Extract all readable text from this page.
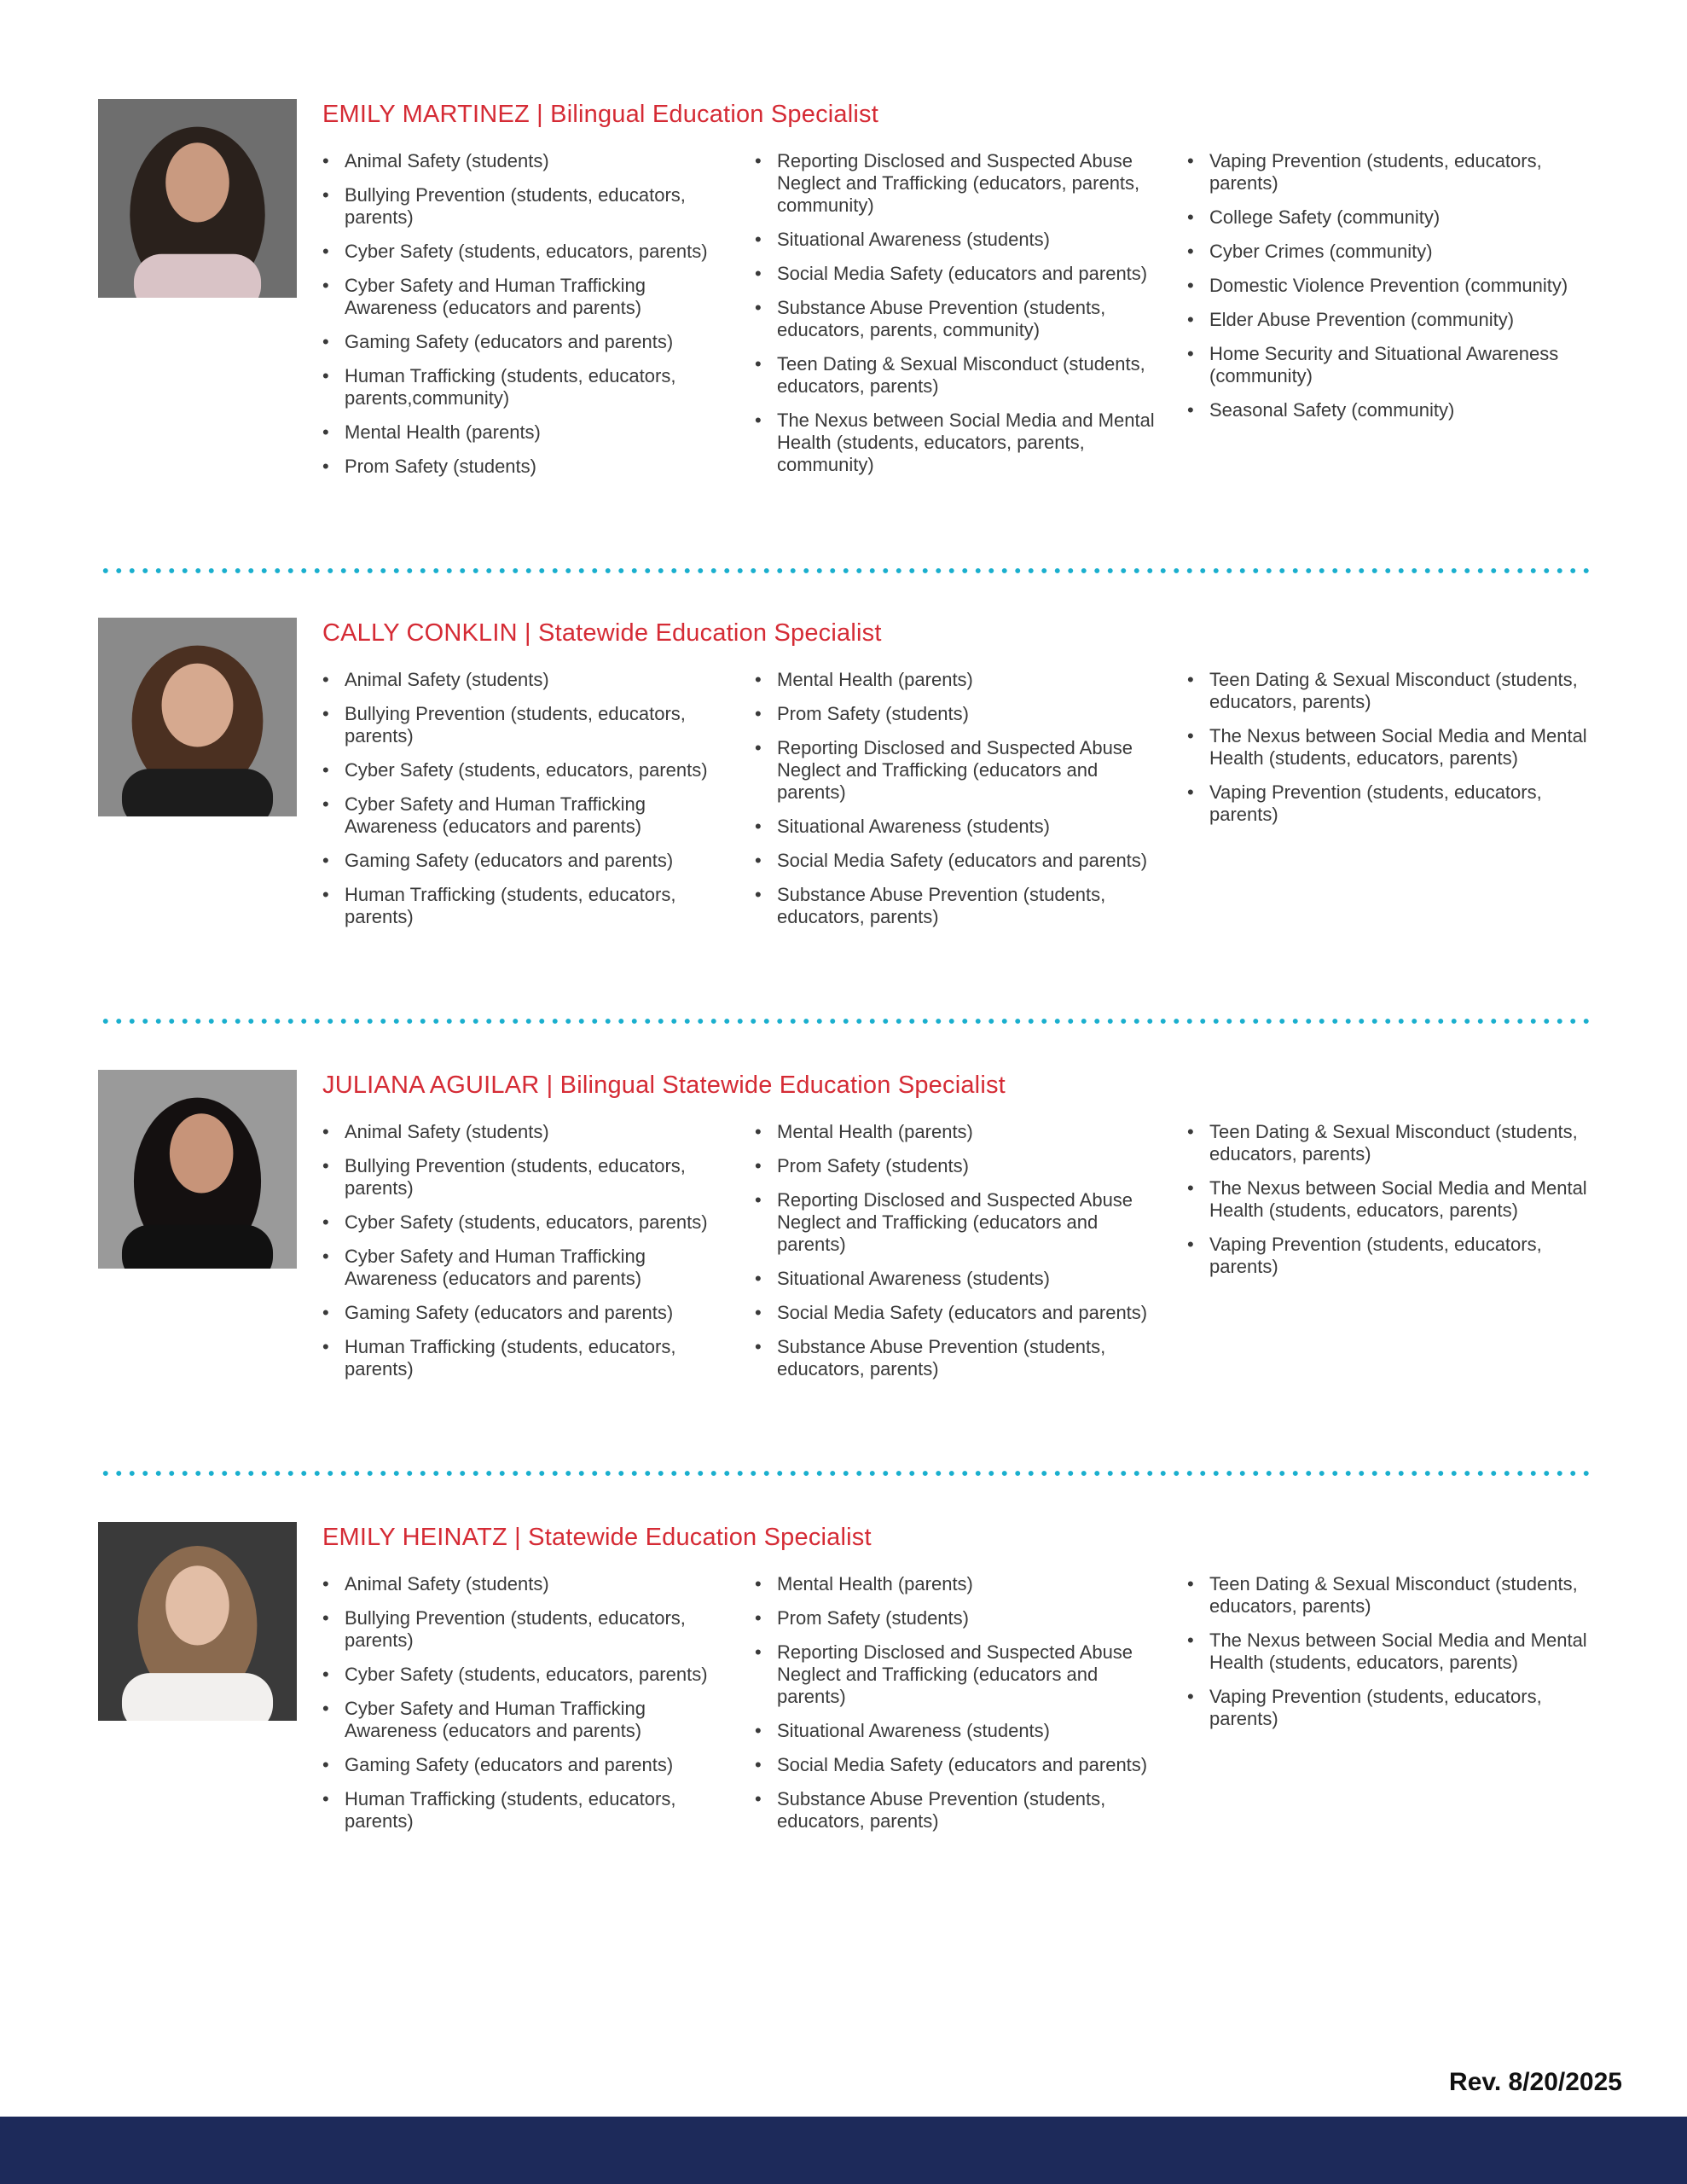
EMILY MARTINEZ | Bilingual Education Specialist
• Animal Safety (students)
• Bullying Prevention (students, educators, parents)
• Cyber Safety (students, educators, parents)
• Cyber Safety and Human Trafficking Awareness (educators and parents)
• Gaming Safety (educators and parents)
• Human Trafficking (students, educators, parents,community)
• Mental Health (parents)
• Prom Safety (students)
• Reporting Disclosed and Suspected Abuse Neglect and Trafficking (educators, parents, community)
• Situational Awareness (students)
• Social Media Safety (educators and parents)
• Substance Abuse Prevention (students, educators, parents, community)
• Teen Dating & Sexual Misconduct (students, educators, parents)
• The Nexus between Social Media and Mental Health (students, educators, parents, community)
• Vaping Prevention (students, educators, parents)
• College Safety (community)
• Cyber Crimes (community)
• Domestic Violence Prevention (community)
• Elder Abuse Prevention (community)
• Home Security and Situational Awareness (community)
• Seasonal Safety (community)
CALLY CONKLIN | Statewide Education Specialist
• Animal Safety (students)
• Bullying Prevention (students, educators, parents)
• Cyber Safety (students, educators, parents)
• Cyber Safety and Human Trafficking Awareness (educators and parents)
• Gaming Safety (educators and parents)
• Human Trafficking (students, educators, parents)
• Mental Health (parents)
• Prom Safety (students)
• Reporting Disclosed and Suspected Abuse Neglect and Trafficking (educators and parents)
• Situational Awareness (students)
• Social Media Safety (educators and parents)
• Substance Abuse Prevention (students, educators, parents)
• Teen Dating & Sexual Misconduct (students, educators, parents)
• The Nexus between Social Media and Mental Health (students, educators, parents)
• Vaping Prevention (students, educators, parents)
JULIANA AGUILAR | Bilingual Statewide Education Specialist
• Animal Safety (students)
• Bullying Prevention (students, educators, parents)
• Cyber Safety (students, educators, parents)
• Cyber Safety and Human Trafficking Awareness (educators and parents)
• Gaming Safety (educators and parents)
• Human Trafficking (students, educators, parents)
• Mental Health (parents)
• Prom Safety (students)
• Reporting Disclosed and Suspected Abuse Neglect and Trafficking (educators and parents)
• Situational Awareness (students)
• Social Media Safety (educators and parents)
• Substance Abuse Prevention (students, educators, parents)
• Teen Dating & Sexual Misconduct (students, educators, parents)
• The Nexus between Social Media and Mental Health (students, educators, parents)
• Vaping Prevention (students, educators, parents)
EMILY HEINATZ | Statewide Education Specialist
• Animal Safety (students)
• Bullying Prevention (students, educators, parents)
• Cyber Safety (students, educators, parents)
• Cyber Safety and Human Trafficking Awareness (educators and parents)
• Gaming Safety (educators and parents)
• Human Trafficking (students, educators, parents)
• Mental Health (parents)
• Prom Safety (students)
• Reporting Disclosed and Suspected Abuse Neglect and Trafficking (educators and parents)
• Situational Awareness (students)
• Social Media Safety (educators and parents)
• Substance Abuse Prevention (students, educators, parents)
• Teen Dating & Sexual Misconduct (students, educators, parents)
• The Nexus between Social Media and Mental Health (students, educators, parents)
• Vaping Prevention (students, educators, parents)
Rev. 8/20/2025
